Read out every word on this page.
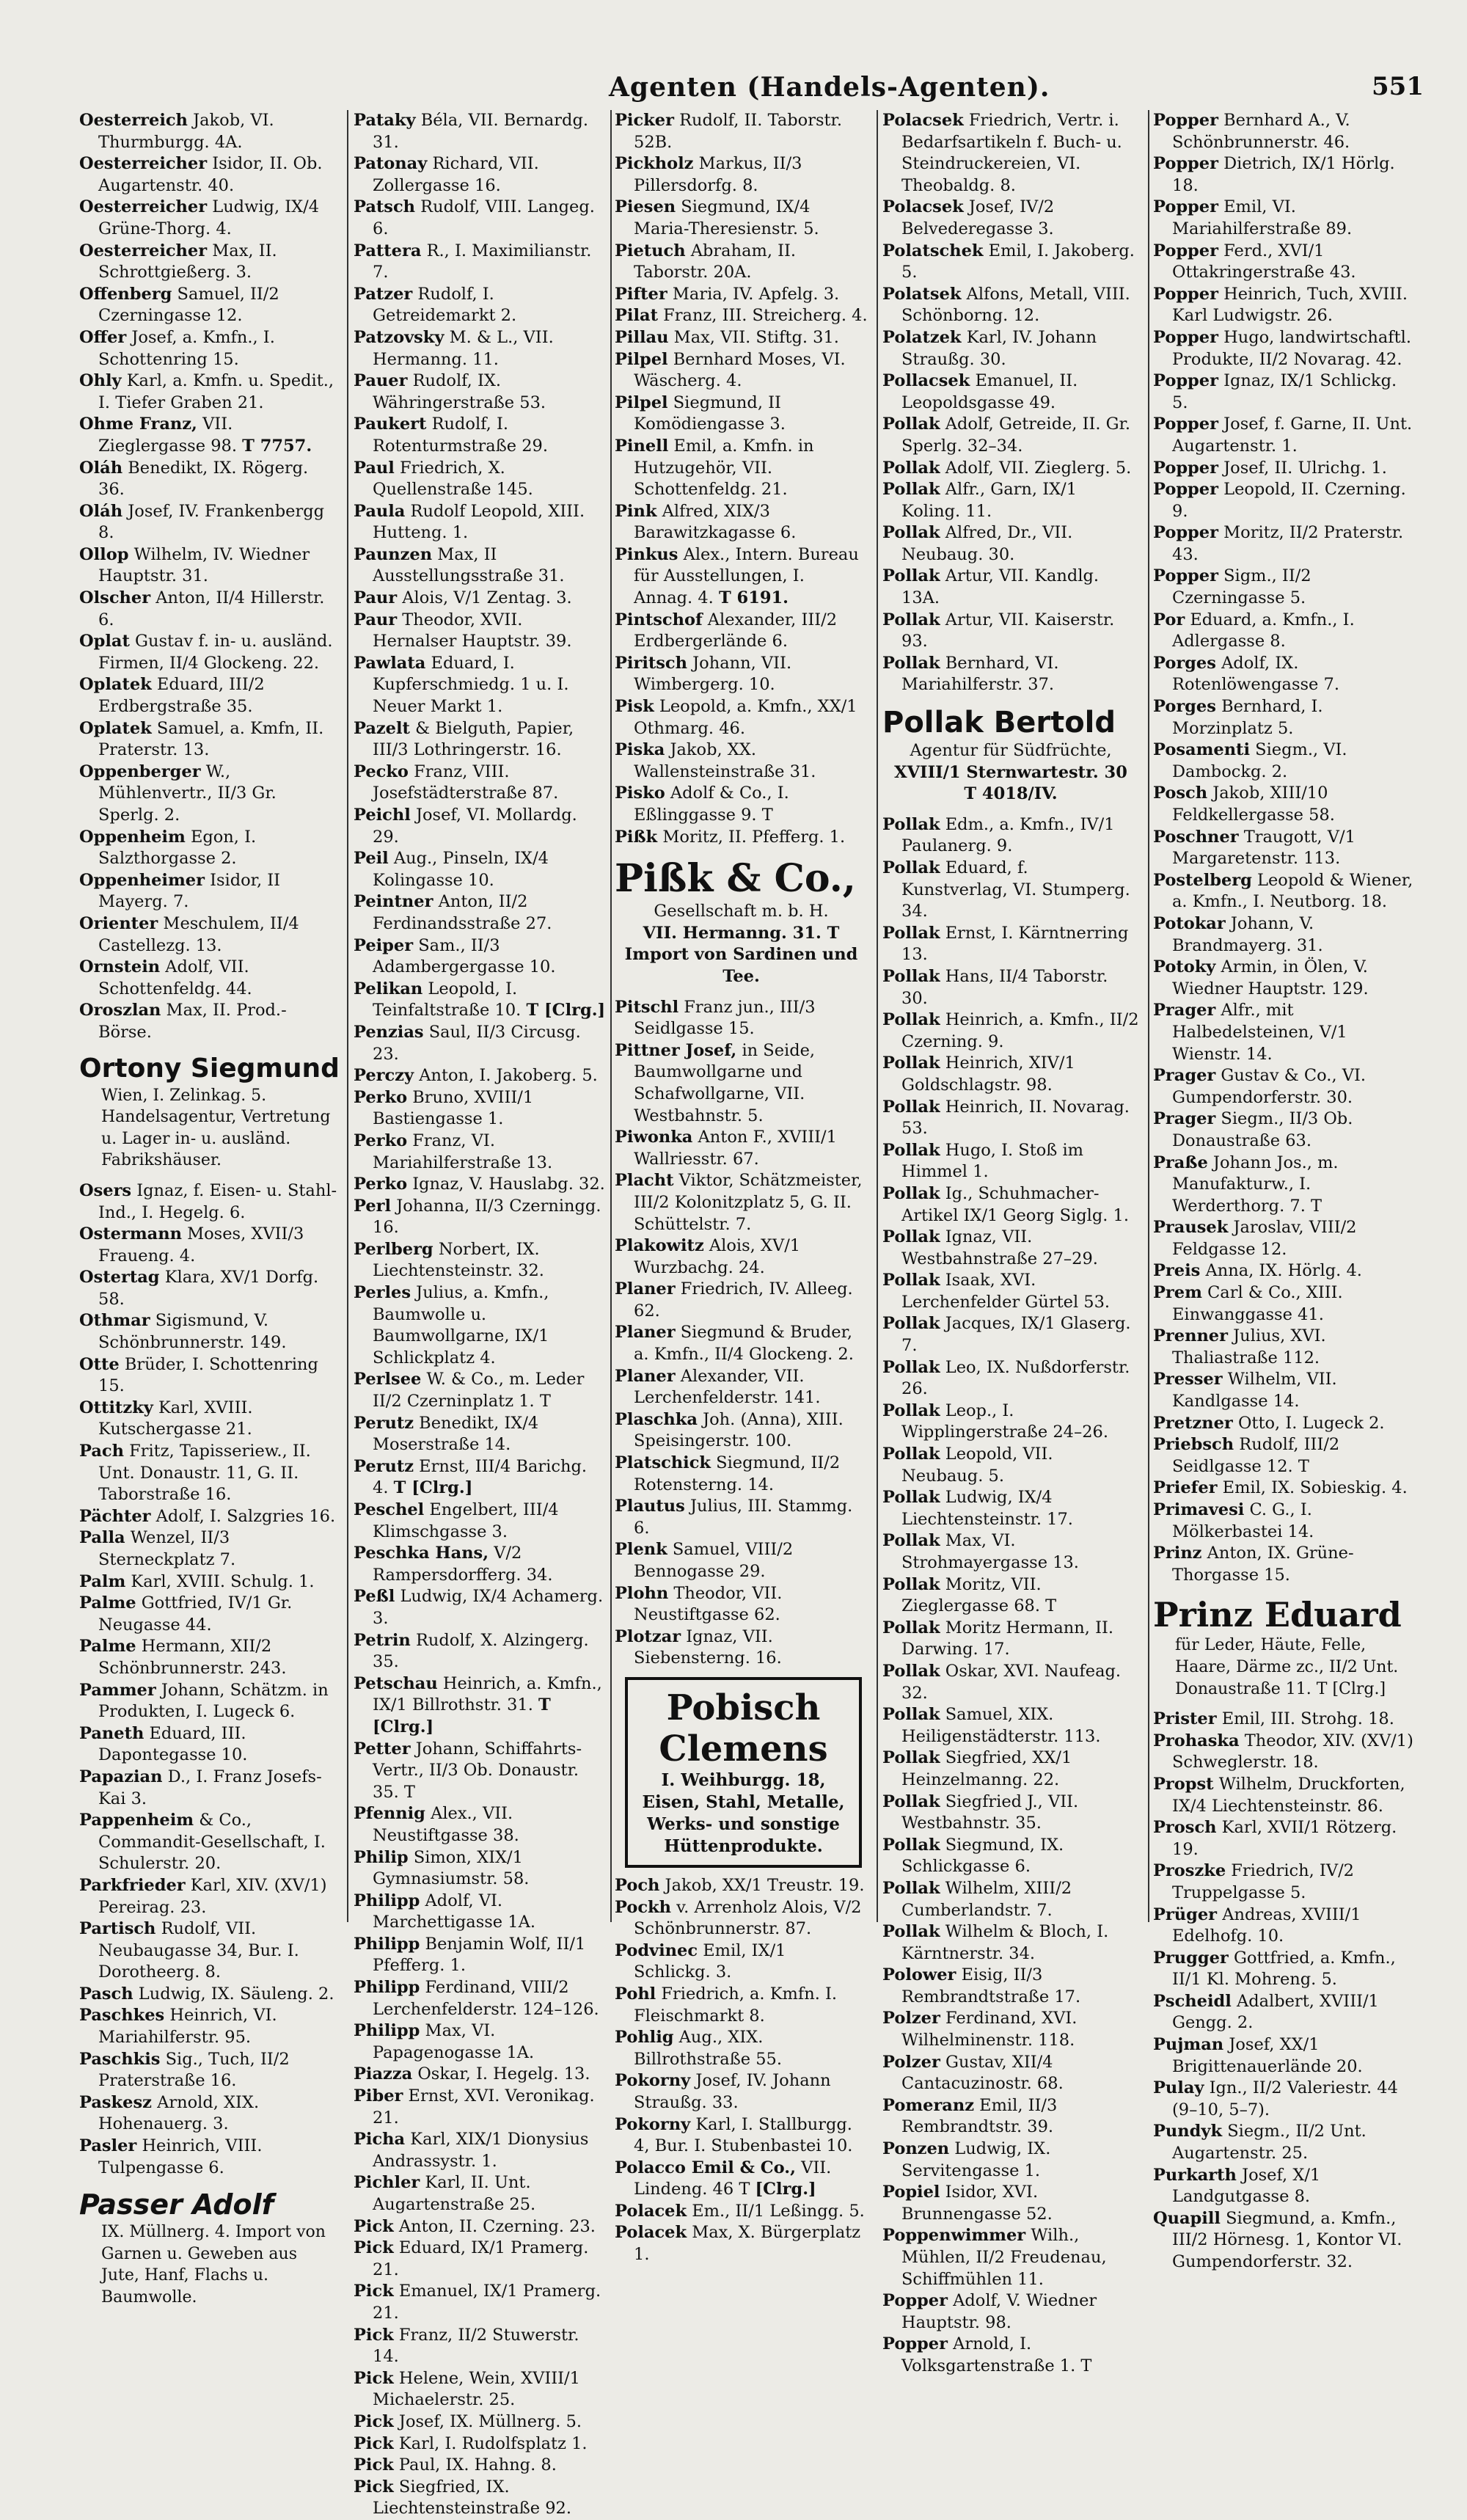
Agenten (Handels-Agenten).	551

Oesterreich Jakob, VI. Thurmburgg. 4A.

Oesterreicher Isidor, II. Ob. Augartenstr. 40.

Oesterreicher Ludwig, IX/4 Grüne-Thorg. 4.

Oesterreicher Max, II. Schrottgießerg. 3.

Offenberg Samuel, II/2 Czerningasse 12.

Offer Josef, a. Kmfn., I. Schottenring 15.

Ohly Karl, a. Kmfn. u. Spedit., I. Tiefer Graben 21.

Ohme Franz, VII. Zieglergasse 98. T 7757.

Oláh Benedikt, IX. Rögerg. 36.

Oláh Josef, IV. Frankenbergg 8.

Ollop Wilhelm, IV. Wiedner Hauptstr. 31.

Olscher Anton, II/4 Hillerstr. 6.

Oplat Gustav f. in- u. ausländ. Firmen, II/4 Glockeng. 22.

Oplatek Eduard, III/2 Erdbergstraße 35.

Oplatek Samuel, a. Kmfn, II. Praterstr. 13.

Oppenberger W., Mühlenvertr., II/3 Gr. Sperlg. 2.

Oppenheim Egon, I. Salzthorgasse 2.

Oppenheimer Isidor, II Mayerg. 7.

Orienter Meschulem, II/4 Castellezg. 13.

Ornstein Adolf, VII. Schottenfeldg. 44.

Oroszlan Max, II. Prod.-Börse.

Ortony Siegmund
Wien, I. Zelinkag. 5. Handelsagentur, Vertretung u. Lager in- u. ausländ. Fabrikshäuser.

Osers Ignaz, f. Eisen- u. Stahl-Ind., I. Hegelg. 6.

Ostermann Moses, XVII/3 Fraueng. 4.

Ostertag Klara, XV/1 Dorfg. 58.

Othmar Sigismund, V. Schönbrunnerstr. 149.

Otte Brüder, I. Schottenring 15.

Ottitzky Karl, XVIII. Kutschergasse 21.

Pach Fritz, Tapisseriew., II. Unt. Donaustr. 11, G. II. Taborstraße 16.

Pächter Adolf, I. Salzgries 16.

Palla Wenzel, II/3 Sterneckplatz 7.

Palm Karl, XVIII. Schulg. 1.

Palme Gottfried, IV/1 Gr. Neugasse 44.

Palme Hermann, XII/2 Schönbrunnerstr. 243.

Pammer Johann, Schätzm. in Produkten, I. Lugeck 6.

Paneth Eduard, III. Dapontegasse 10.

Papazian D., I. Franz Josefs-Kai 3.

Pappenheim & Co., Commandit-Gesellschaft, I. Schulerstr. 20.

Parkfrieder Karl, XIV. (XV/1) Pereirag. 23.

Partisch Rudolf, VII. Neubaugasse 34, Bur. I. Dorotheerg. 8.

Pasch Ludwig, IX. Säuleng. 2.

Paschkes Heinrich, VI. Mariahilferstr. 95.

Paschkis Sig., Tuch, II/2 Praterstraße 16.

Paskesz Arnold, XIX. Hohenauerg. 3.

Pasler Heinrich, VIII. Tulpengasse 6.

Passer Adolf
IX. Müllnerg. 4. Import von Garnen u. Geweben aus Jute, Hanf, Flachs u. Baumwolle.

Pataky Béla, VII. Bernardg. 31.

Patonay Richard, VII. Zollergasse 16.

Patsch Rudolf, VIII. Langeg. 6.

Pattera R., I. Maximilianstr. 7.

Patzer Rudolf, I. Getreidemarkt 2.

Patzovsky M. & L., VII. Hermanng. 11.

Pauer Rudolf, IX. Währingerstraße 53.

Paukert Rudolf, I. Rotenturmstraße 29.

Paul Friedrich, X. Quellenstraße 145.

Paula Rudolf Leopold, XIII. Hutteng. 1.

Paunzen Max, II Ausstellungsstraße 31.

Paur Alois, V/1 Zentag. 3.

Paur Theodor, XVII. Hernalser Hauptstr. 39.

Pawlata Eduard, I. Kupferschmiedg. 1 u. I. Neuer Markt 1.

Pazelt & Bielguth, Papier, III/3 Lothringerstr. 16.

Pecko Franz, VIII. Josefstädterstraße 87.

Peichl Josef, VI. Mollardg. 29.

Peil Aug., Pinseln, IX/4 Kolingasse 10.

Peintner Anton, II/2 Ferdinandsstraße 27.

Peiper Sam., II/3 Adambergergasse 10.

Pelikan Leopold, I. Teinfaltstraße 10. T [Clrg.]

Penzias Saul, II/3 Circusg. 23.

Perczy Anton, I. Jakoberg. 5.

Perko Bruno, XVIII/1 Bastiengasse 1.

Perko Franz, VI. Mariahilferstraße 13.

Perko Ignaz, V. Hauslabg. 32.

Perl Johanna, II/3 Czerningg. 16.

Perlberg Norbert, IX. Liechtensteinstr. 32.

Perles Julius, a. Kmfn., Baumwolle u. Baumwollgarne, IX/1 Schlickplatz 4.

Perlsee W. & Co., m. Leder II/2 Czerninplatz 1. T

Perutz Benedikt, IX/4 Moserstraße 14.

Perutz Ernst, III/4 Barichg. 4. T [Clrg.]

Peschel Engelbert, III/4 Klimschgasse 3.

Peschka Hans, V/2 Rampersdorfferg. 34.

Peßl Ludwig, IX/4 Achamerg. 3.

Petrin Rudolf, X. Alzingerg. 35.

Petschau Heinrich, a. Kmfn., IX/1 Billrothstr. 31. T [Clrg.]

Petter Johann, Schiffahrts-Vertr., II/3 Ob. Donaustr. 35. T

Pfennig Alex., VII. Neustiftgasse 38.

Philip Simon, XIX/1 Gymnasiumstr. 58.

Philipp Adolf, VI. Marchettigasse 1A.

Philipp Benjamin Wolf, II/1 Pfefferg. 1.

Philipp Ferdinand, VIII/2 Lerchenfelderstr. 124–126.

Philipp Max, VI. Papagenogasse 1A.

Piazza Oskar, I. Hegelg. 13.

Piber Ernst, XVI. Veronikag. 21.

Picha Karl, XIX/1 Dionysius Andrassystr. 1.

Pichler Karl, II. Unt. Augartenstraße 25.

Pick Anton, II. Czerning. 23.

Pick Eduard, IX/1 Pramerg. 21.

Pick Emanuel, IX/1 Pramerg. 21.

Pick Franz, II/2 Stuwerstr. 14.

Pick Helene, Wein, XVIII/1 Michaelerstr. 25.

Pick Josef, IX. Müllnerg. 5.

Pick Karl, I. Rudolfsplatz 1.

Pick Paul, IX. Hahng. 8.

Pick Siegfried, IX. Liechtensteinstraße 92.

Picker Rudolf, II. Taborstr. 52B.

Pickholz Markus, II/3 Pillersdorfg. 8.

Piesen Siegmund, IX/4 Maria-Theresienstr. 5.

Pietuch Abraham, II. Taborstr. 20A.

Pifter Maria, IV. Apfelg. 3.

Pilat Franz, III. Streicherg. 4.

Pillau Max, VII. Stiftg. 31.

Pilpel Bernhard Moses, VI. Wäscherg. 4.

Pilpel Siegmund, II Komödiengasse 3.

Pinell Emil, a. Kmfn. in Hutzugehör, VII. Schottenfeldg. 21.

Pink Alfred, XIX/3 Barawitzkagasse 6.

Pinkus Alex., Intern. Bureau für Ausstellungen, I. Annag. 4. T 6191.

Pintschof Alexander, III/2 Erdbergerlände 6.

Piritsch Johann, VII. Wimbergerg. 10.

Pisk Leopold, a. Kmfn., XX/1 Othmarg. 46.

Piska Jakob, XX. Wallensteinstraße 31.

Pisko Adolf & Co., I. Eßlinggasse 9. T

Pißk Moritz, II. Pfefferg. 1.

Pißk & Co.,
Gesellschaft m. b. H.
VII. Hermanng. 31. T
Import von Sardinen und Tee.

Pitschl Franz jun., III/3 Seidlgasse 15.

Pittner Josef, in Seide, Baumwollgarne und Schafwollgarne, VII. Westbahnstr. 5.

Piwonka Anton F., XVIII/1 Wallriesstr. 67.

Placht Viktor, Schätzmeister, III/2 Kolonitzplatz 5, G. II. Schüttelstr. 7.

Plakowitz Alois, XV/1 Wurzbachg. 24.

Planer Friedrich, IV. Alleeg. 62.

Planer Siegmund & Bruder, a. Kmfn., II/4 Glockeng. 2.

Planer Alexander, VII. Lerchenfelderstr. 141.

Plaschka Joh. (Anna), XIII. Speisingerstr. 100.

Platschick Siegmund, II/2 Rotensterng. 14.

Plautus Julius, III. Stammg. 6.

Plenk Samuel, VIII/2 Bennogasse 29.

Plohn Theodor, VII. Neustiftgasse 62.

Plotzar Ignaz, VII. Siebensterng. 16.

Pobisch Clemens
I. Weihburgg. 18,
Eisen, Stahl, Metalle,
Werks- und sonstige
Hüttenprodukte.

Poch Jakob, XX/1 Treustr. 19.

Pockh v. Arrenholz Alois, V/2 Schönbrunnerstr. 87.

Podvinec Emil, IX/1 Schlickg. 3.

Pohl Friedrich, a. Kmfn. I. Fleischmarkt 8.

Pohlig Aug., XIX. Billrothstraße 55.

Pokorny Josef, IV. Johann Straußg. 33.

Pokorny Karl, I. Stallburgg. 4, Bur. I. Stubenbastei 10.

Polacco Emil & Co., VII. Lindeng. 46 T [Clrg.]

Polacek Em., II/1 Leßingg. 5.

Polacek Max, X. Bürgerplatz 1.

Polacsek Friedrich, Vertr. i. Bedarfsartikeln f. Buch- u. Steindruckereien, VI. Theobaldg. 8.

Polacsek Josef, IV/2 Belvederegasse 3.

Polatschek Emil, I. Jakoberg. 5.

Polatsek Alfons, Metall, VIII. Schönborng. 12.

Polatzek Karl, IV. Johann Straußg. 30.

Pollacsek Emanuel, II. Leopoldsgasse 49.

Pollak Adolf, Getreide, II. Gr. Sperlg. 32–34.

Pollak Adolf, VII. Zieglerg. 5.

Pollak Alfr., Garn, IX/1 Koling. 11.

Pollak Alfred, Dr., VII. Neubaug. 30.

Pollak Artur, VII. Kandlg. 13A.

Pollak Artur, VII. Kaiserstr. 93.

Pollak Bernhard, VI. Mariahilferstr. 37.

Pollak Bertold
Agentur für Südfrüchte,
XVIII/1 Sternwartestr. 30
T 4018/IV.

Pollak Edm., a. Kmfn., IV/1 Paulanerg. 9.

Pollak Eduard, f. Kunstverlag, VI. Stumperg. 34.

Pollak Ernst, I. Kärntnerring 13.

Pollak Hans, II/4 Taborstr. 30.

Pollak Heinrich, a. Kmfn., II/2 Czerning. 9.

Pollak Heinrich, XIV/1 Goldschlagstr. 98.

Pollak Heinrich, II. Novarag. 53.

Pollak Hugo, I. Stoß im Himmel 1.

Pollak Ig., Schuhmacher-Artikel IX/1 Georg Siglg. 1.

Pollak Ignaz, VII. Westbahnstraße 27–29.

Pollak Isaak, XVI. Lerchenfelder Gürtel 53.

Pollak Jacques, IX/1 Glaserg. 7.

Pollak Leo, IX. Nußdorferstr. 26.

Pollak Leop., I. Wipplingerstraße 24–26.

Pollak Leopold, VII. Neubaug. 5.

Pollak Ludwig, IX/4 Liechtensteinstr. 17.

Pollak Max, VI. Strohmayergasse 13.

Pollak Moritz, VII. Zieglergasse 68. T

Pollak Moritz Hermann, II. Darwing. 17.

Pollak Oskar, XVI. Naufeag. 32.

Pollak Samuel, XIX. Heiligenstädterstr. 113.

Pollak Siegfried, XX/1 Heinzelmanng. 22.

Pollak Siegfried J., VII. Westbahnstr. 35.

Pollak Siegmund, IX. Schlickgasse 6.

Pollak Wilhelm, XIII/2 Cumberlandstr. 7.

Pollak Wilhelm & Bloch, I. Kärntnerstr. 34.

Polower Eisig, II/3 Rembrandtstraße 17.

Polzer Ferdinand, XVI. Wilhelminenstr. 118.

Polzer Gustav, XII/4 Cantacuzinostr. 68.

Pomeranz Emil, II/3 Rembrandtstr. 39.

Ponzen Ludwig, IX. Servitengasse 1.

Popiel Isidor, XVI. Brunnengasse 52.

Poppenwimmer Wilh., Mühlen, II/2 Freudenau, Schiffmühlen 11.

Popper Adolf, V. Wiedner Hauptstr. 98.

Popper Arnold, I. Volksgartenstraße 1. T

Popper Bernhard A., V. Schönbrunnerstr. 46.

Popper Dietrich, IX/1 Hörlg. 18.

Popper Emil, VI. Mariahilferstraße 89.

Popper Ferd., XVI/1 Ottakringerstraße 43.

Popper Heinrich, Tuch, XVIII. Karl Ludwigstr. 26.

Popper Hugo, landwirtschaftl. Produkte, II/2 Novarag. 42.

Popper Ignaz, IX/1 Schlickg. 5.

Popper Josef, f. Garne, II. Unt. Augartenstr. 1.

Popper Josef, II. Ulrichg. 1.

Popper Leopold, II. Czerning. 9.

Popper Moritz, II/2 Praterstr. 43.

Popper Sigm., II/2 Czerningasse 5.

Por Eduard, a. Kmfn., I. Adlergasse 8.

Porges Adolf, IX. Rotenlöwengasse 7.

Porges Bernhard, I. Morzinplatz 5.

Posamenti Siegm., VI. Dambockg. 2.

Posch Jakob, XIII/10 Feldkellergasse 58.

Poschner Traugott, V/1 Margaretenstr. 113.

Postelberg Leopold & Wiener, a. Kmfn., I. Neutborg. 18.

Potokar Johann, V. Brandmayerg. 31.

Potoky Armin, in Ölen, V. Wiedner Hauptstr. 129.

Prager Alfr., mit Halbedelsteinen, V/1 Wienstr. 14.

Prager Gustav & Co., VI. Gumpendorferstr. 30.

Prager Siegm., II/3 Ob. Donaustraße 63.

Praße Johann Jos., m. Manufakturw., I. Werderthorg. 7. T

Prausek Jaroslav, VIII/2 Feldgasse 12.

Preis Anna, IX. Hörlg. 4.

Prem Carl & Co., XIII. Einwanggasse 41.

Prenner Julius, XVI. Thaliastraße 112.

Presser Wilhelm, VII. Kandlgasse 14.

Pretzner Otto, I. Lugeck 2.

Priebsch Rudolf, III/2 Seidlgasse 12. T

Priefer Emil, IX. Sobieskig. 4.

Primavesi C. G., I. Mölkerbastei 14.

Prinz Anton, IX. Grüne-Thorgasse 15.

Prinz Eduard
für Leder, Häute, Felle, Haare, Därme zc., II/2 Unt. Donaustraße 11. T [Clrg.]

Prister Emil, III. Strohg. 18.

Prohaska Theodor, XIV. (XV/1) Schweglerstr. 18.

Propst Wilhelm, Druckforten, IX/4 Liechtensteinstr. 86.

Prosch Karl, XVII/1 Rötzerg. 19.

Proszke Friedrich, IV/2 Truppelgasse 5.

Prüger Andreas, XVIII/1 Edelhofg. 10.

Prugger Gottfried, a. Kmfn., II/1 Kl. Mohreng. 5.

Pscheidl Adalbert, XVIII/1 Gengg. 2.

Pujman Josef, XX/1 Brigittenauerlände 20.

Pulay Ign., II/2 Valeriestr. 44 (9–10, 5–7).

Pundyk Siegm., II/2 Unt. Augartenstr. 25.

Purkarth Josef, X/1 Landgutgasse 8.

Quapill Siegmund, a. Kmfn., III/2 Hörnesg. 1, Kontor VI. Gumpendorferstr. 32.
